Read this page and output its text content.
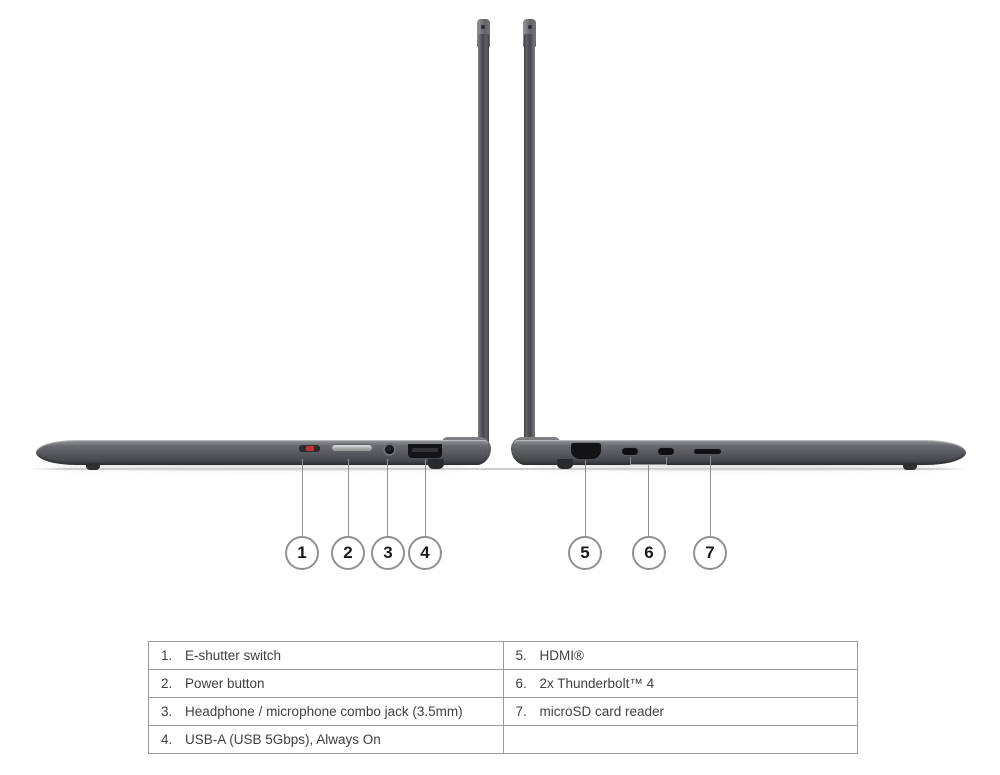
1 2 3 4	5	6	7
1. E-shutter switch	5. HDMI®
2. Power button	6. 2x Thunderbolt™ 4
3. Headphone / microphone combo jack (3.5mm)	7. microSD card reader
4. USB-A (USB 5Gbps), Always On	
